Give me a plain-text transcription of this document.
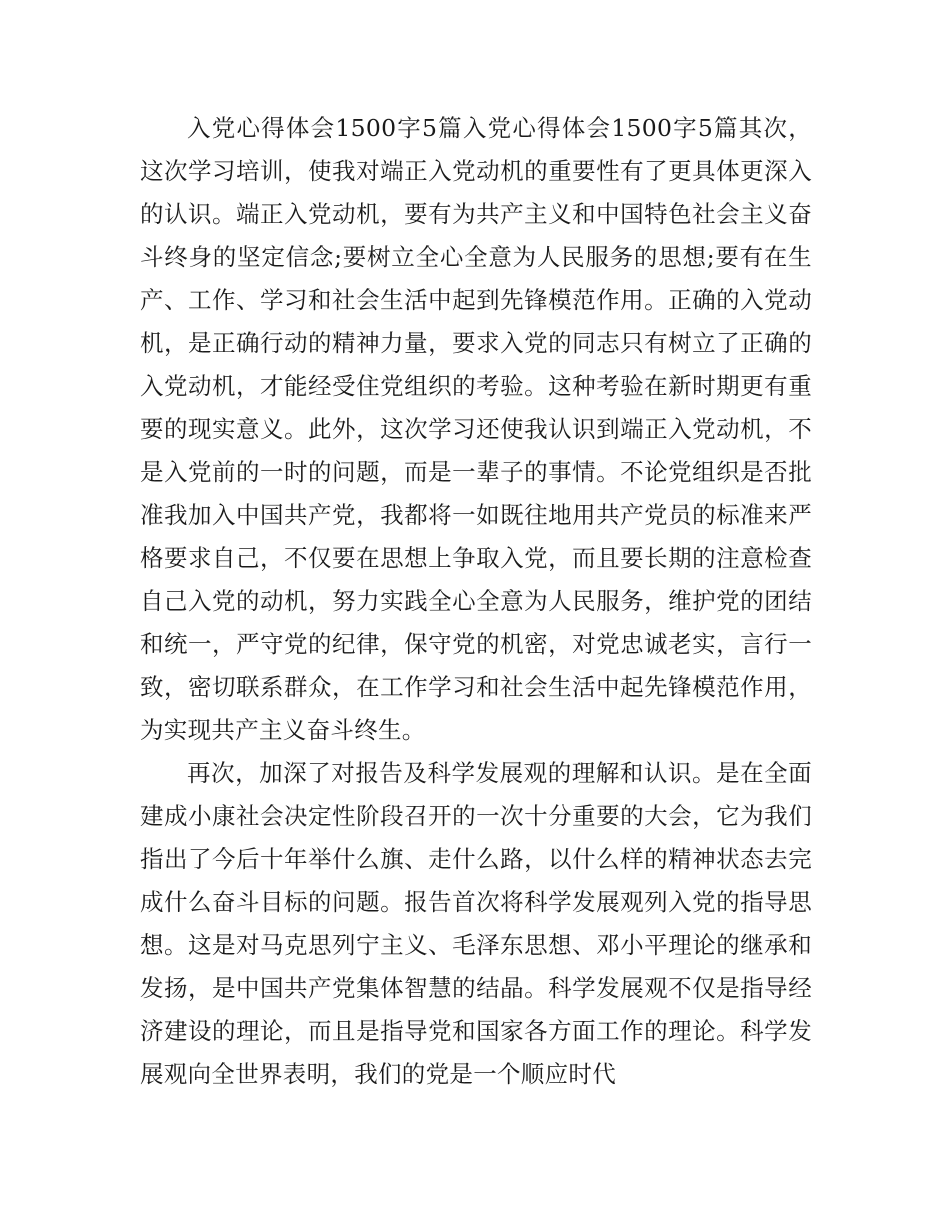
入党心得体会1500字5篇入党心得体会1500字5篇其次，这次学习培训，使我对端正入党动机的重要性有了更具体更深入的认识。端正入党动机，要有为共产主义和中国特色社会主义奋斗终身的坚定信念;要树立全心全意为人民服务的思想;要有在生产、工作、学习和社会生活中起到先锋模范作用。正确的入党动机，是正确行动的精神力量，要求入党的同志只有树立了正确的入党动机，才能经受住党组织的考验。这种考验在新时期更有重要的现实意义。此外，这次学习还使我认识到端正入党动机，不是入党前的一时的问题，而是一辈子的事情。不论党组织是否批准我加入中国共产党，我都将一如既往地用共产党员的标准来严格要求自己，不仅要在思想上争取入党，而且要长期的注意检查自己入党的动机，努力实践全心全意为人民服务，维护党的团结和统一，严守党的纪律，保守党的机密，对党忠诚老实，言行一致，密切联系群众，在工作学习和社会生活中起先锋模范作用，为实现共产主义奋斗终生。

再次，加深了对报告及科学发展观的理解和认识。是在全面建成小康社会决定性阶段召开的一次十分重要的大会，它为我们指出了今后十年举什么旗、走什么路，以什么样的精神状态去完成什么奋斗目标的问题。报告首次将科学发展观列入党的指导思想。这是对马克思列宁主义、毛泽东思想、邓小平理论的继承和发扬，是中国共产党集体智慧的结晶。科学发展观不仅是指导经济建设的理论，而且是指导党和国家各方面工作的理论。科学发展观向全世界表明，我们的党是一个顺应时代
